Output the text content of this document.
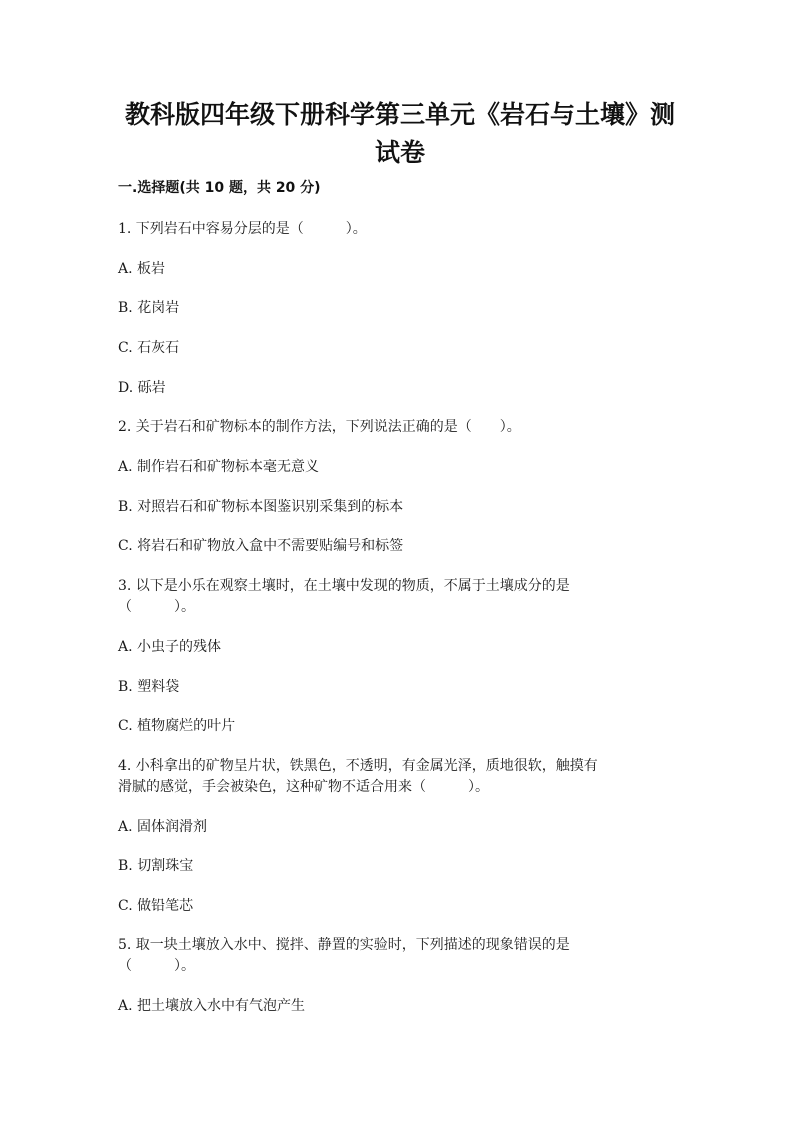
教科版四年级下册科学第三单元《岩石与土壤》测
试卷
一.选择题(共 10 题，共 20 分)
1. 下列岩石中容易分层的是（　　　）。
A. 板岩
B. 花岗岩
C. 石灰石
D. 砾岩
2. 关于岩石和矿物标本的制作方法，下列说法正确的是（　　）。
A. 制作岩石和矿物标本毫无意义
B. 对照岩石和矿物标本图鉴识别采集到的标本
C. 将岩石和矿物放入盒中不需要贴编号和标签
3. 以下是小乐在观察土壤时，在土壤中发现的物质，不属于土壤成分的是
（　　　）。
A. 小虫子的残体
B. 塑料袋
C. 植物腐烂的叶片
4. 小科拿出的矿物呈片状，铁黑色，不透明，有金属光泽，质地很软，触摸有
滑腻的感觉，手会被染色，这种矿物不适合用来（　　　）。
A. 固体润滑剂
B. 切割珠宝
C. 做铅笔芯
5. 取一块土壤放入水中、搅拌、静置的实验时，下列描述的现象错误的是
（　　　）。
A. 把土壤放入水中有气泡产生
